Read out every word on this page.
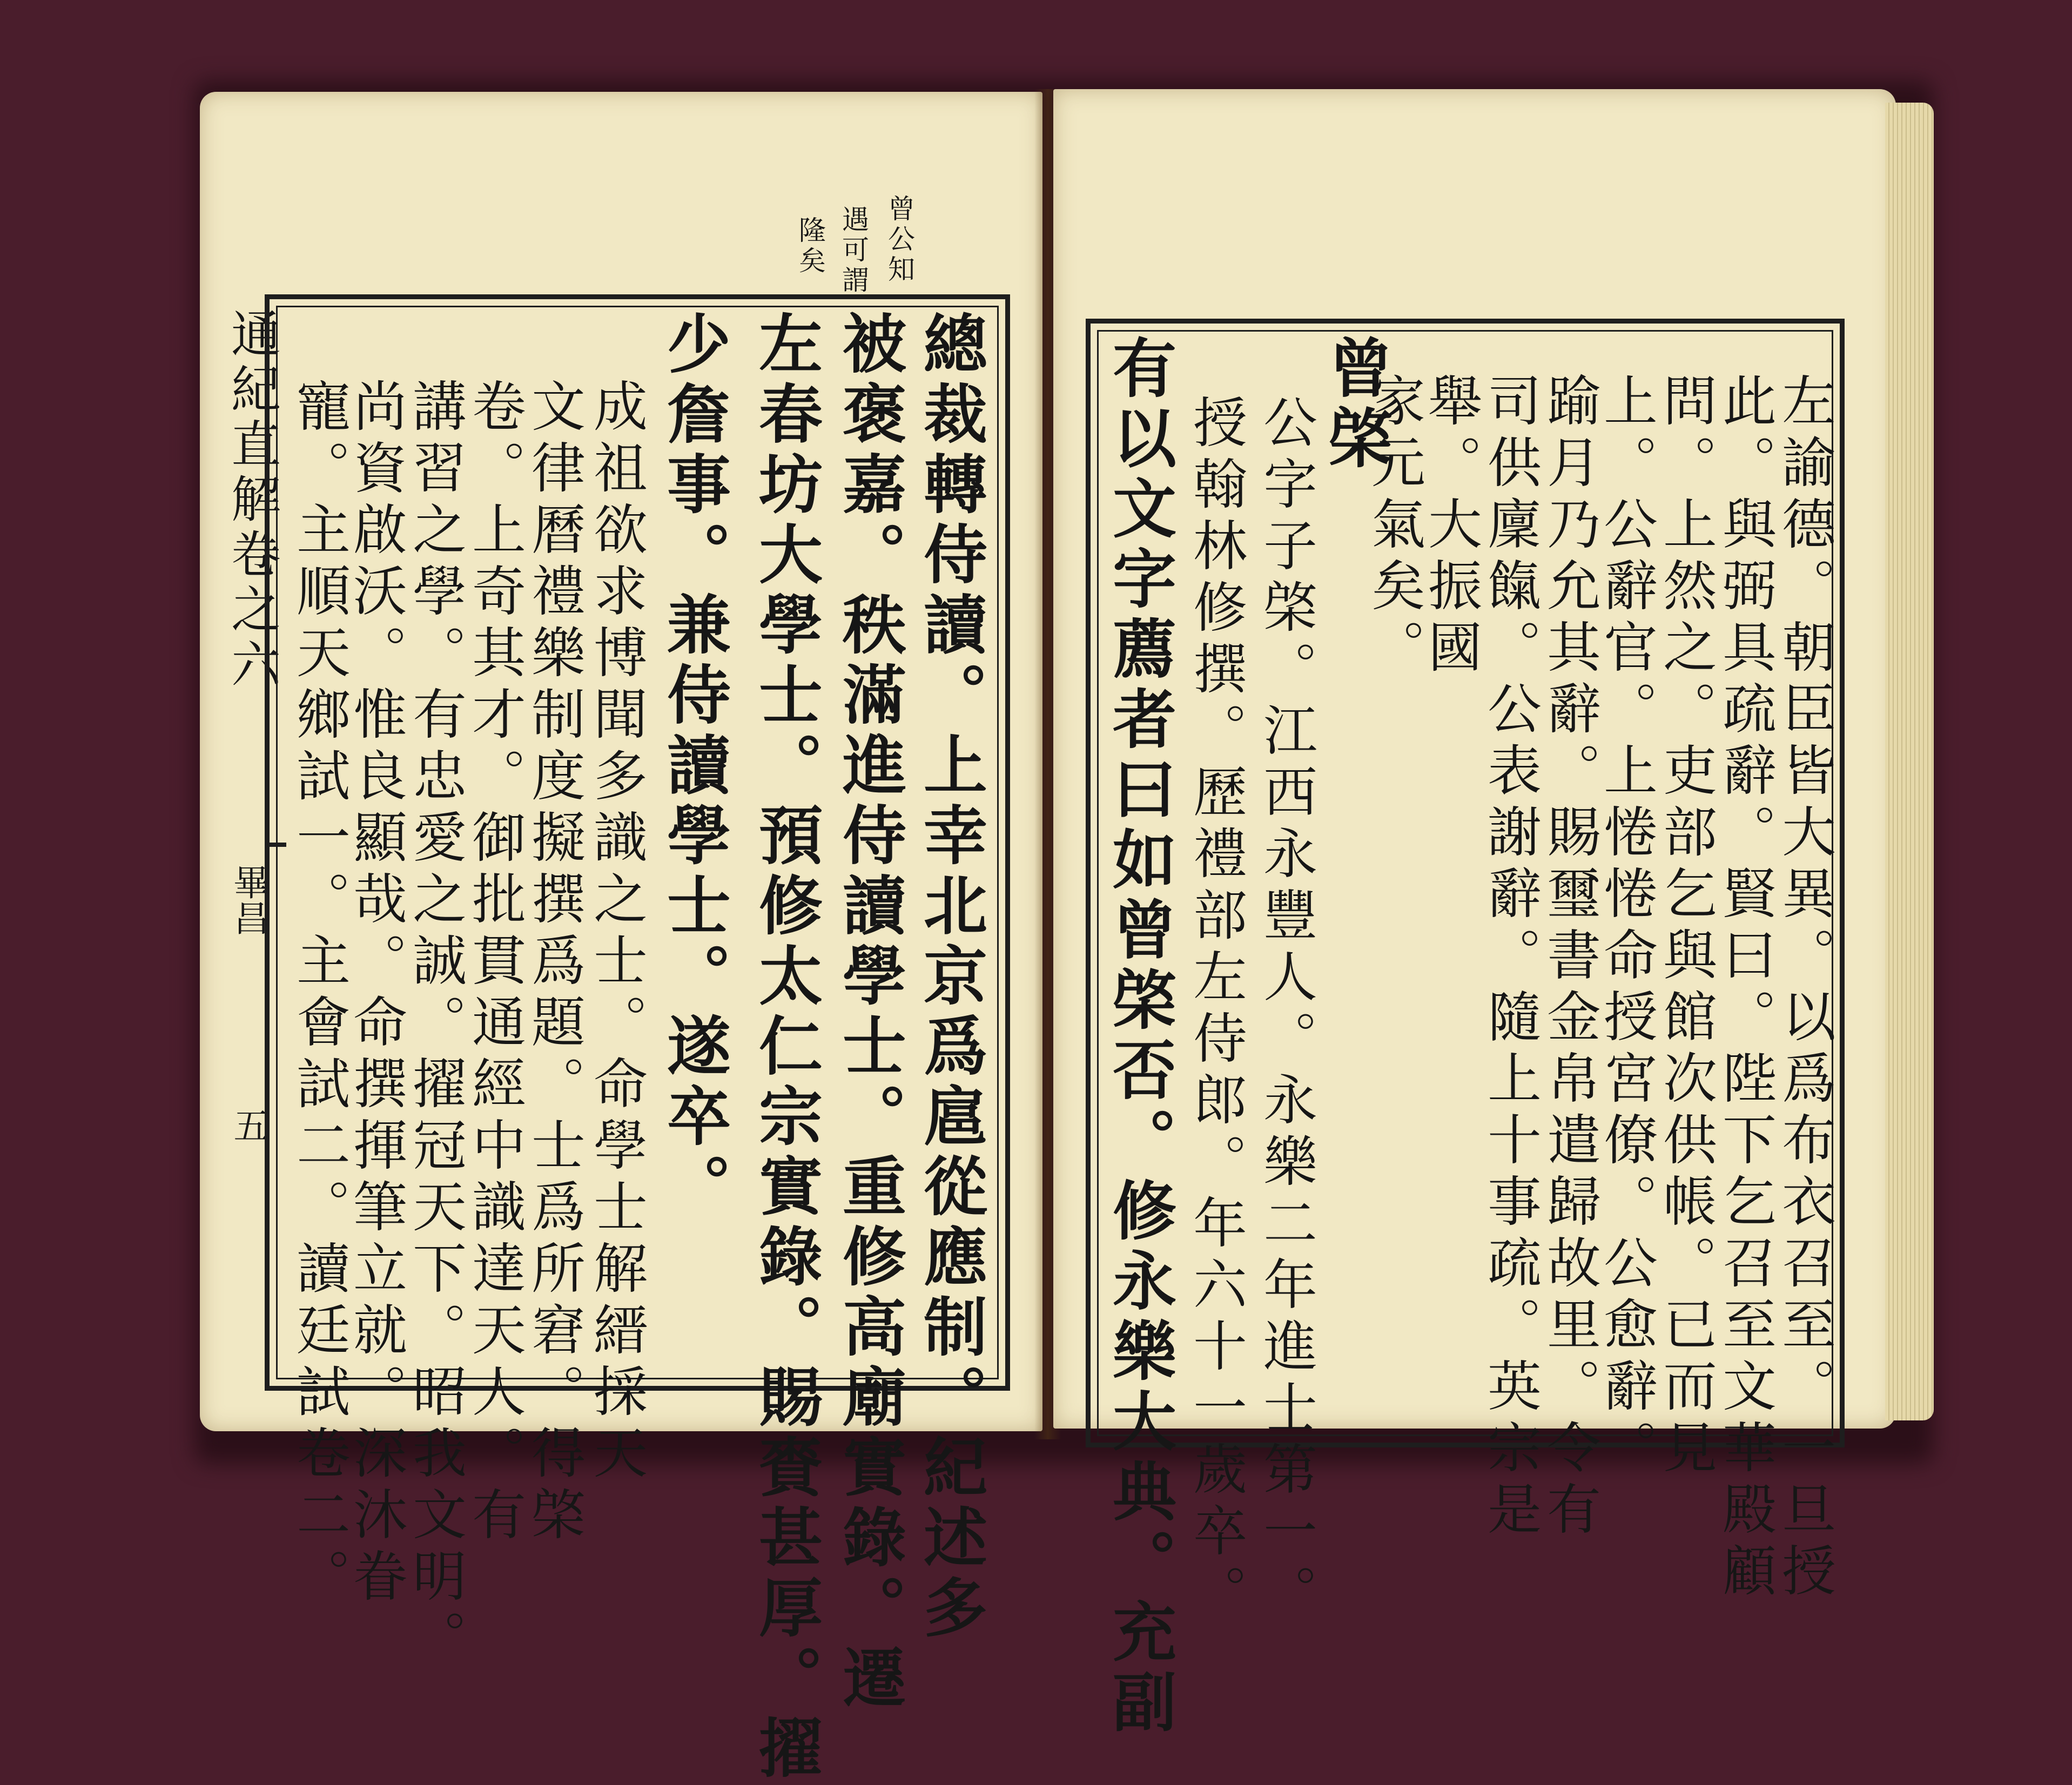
通紀直解卷之六
畢昌
五
曾公知
遇可謂
隆矣
總裁轉侍讀。上幸北京爲扈從應制。紀述多
被褒嘉。秩滿進侍讀學士。重修高廟實錄。遷
左春坊大學士。預修太仁宗實錄。賜賚甚厚。擢
少詹事。兼侍讀學士。遂卒。
成祖欲求博聞多識之士。命學士解縉採天
文律曆禮樂制度擬撰爲題。士爲所窘。得棨
卷。上奇其才。御批貫通經中識達天人。有
講習之學。有忠愛之誠。擢冠天下。昭我文明。
尚資啟沃。惟良顯哉。命撰揮筆立就。深沐眷
寵。主順天鄉試一。主會試二。讀廷試卷二。	左諭德。朝臣皆大異。以爲布衣召至。一旦授
此。與弼具疏辭。賢曰。陛下乞召至文華殿顧
問。上然之。吏部乞與館次供帳。已而見
上。公辭官。上惓惓命授宮僚。公愈辭。
踰月乃允其辭。賜璽書金帛遣歸故里。令有
司供廩餼。公表謝辭。隨上十事疏。英宗是
舉。大振國
家元氣矣。
曾棨
公字子棨。江西永豐人。永樂二年進士第一。
授翰林修撰。歷禮部左侍郎。年六十一歲卒。
有以文字薦者曰如曾棨否。修永樂大典。充副
